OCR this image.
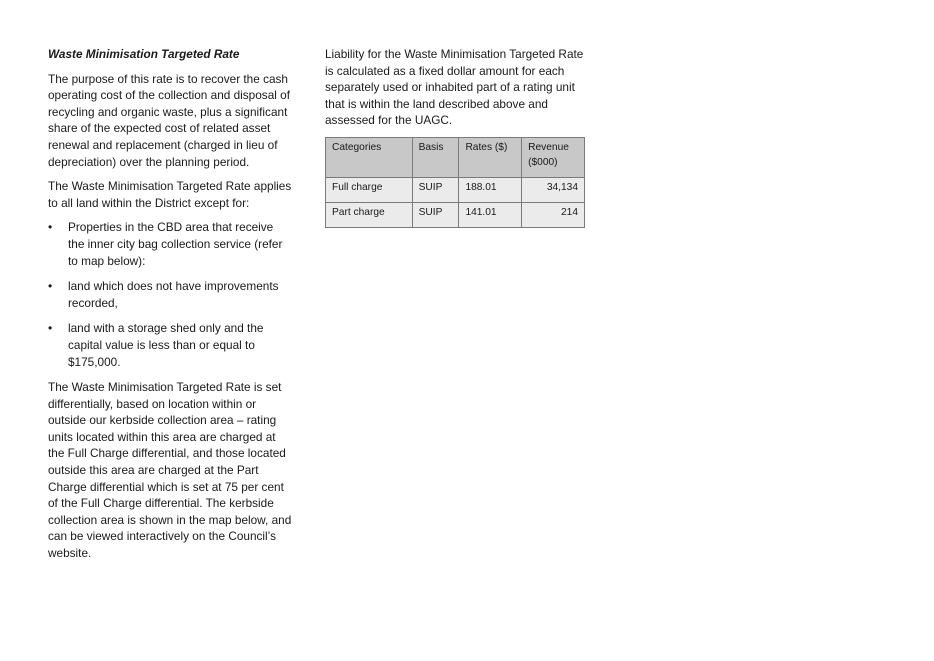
Waste Minimisation Targeted Rate

The purpose of this rate is to recover the cash operating cost of the collection and disposal of recycling and organic waste, plus a significant share of the expected cost of related asset renewal and replacement (charged in lieu of depreciation) over the planning period.

The Waste Minimisation Targeted Rate applies to all land within the District except for:

• Properties in the CBD area that receive the inner city bag collection service (refer to map below):
• land which does not have improvements recorded,
• land with a storage shed only and the capital value is less than or equal to $175,000.

The Waste Minimisation Targeted Rate is set differentially, based on location within or outside our kerbside collection area – rating units located within this area are charged at the Full Charge differential, and those located outside this area are charged at the Part Charge differential which is set at 75 per cent of the Full Charge differential. The kerbside collection area is shown in the map below, and can be viewed interactively on the Council’s website.

Liability for the Waste Minimisation Targeted Rate is calculated as a fixed dollar amount for each separately used or inhabited part of a rating unit that is within the land described above and assessed for the UAGC.

Categories	Basis	Rates ($)	Revenue ($000)
Full charge	SUIP	188.01	34,134
Part charge	SUIP	141.01	214
